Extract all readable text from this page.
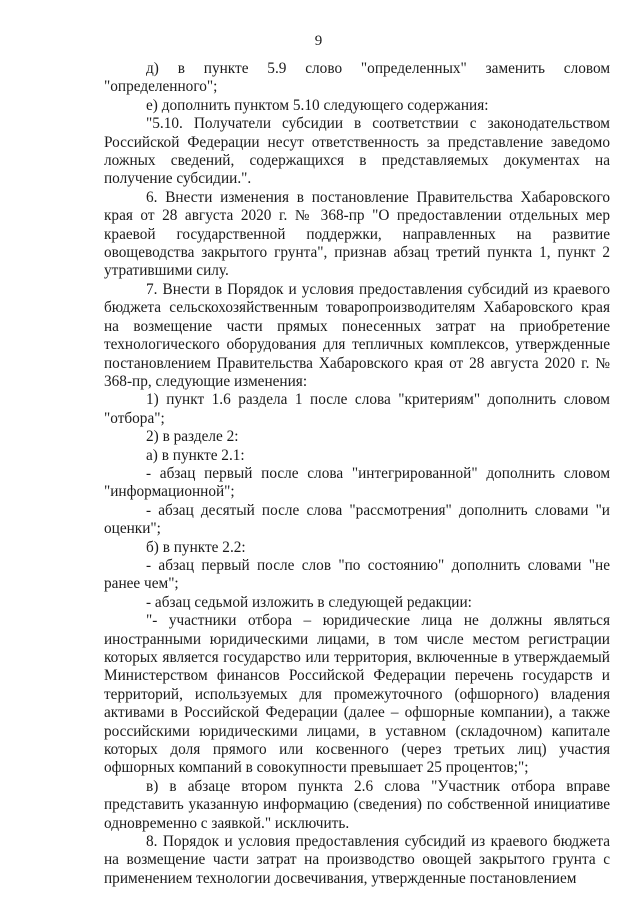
9

д) в пункте 5.9 слово "определенных" заменить словом "определенного";

е) дополнить пунктом 5.10 следующего содержания:

"5.10. Получатели субсидии в соответствии с законодательством Российской Федерации несут ответственность за представление заведомо ложных сведений, содержащихся в представляемых документах на получение субсидии.".

6. Внести изменения в постановление Правительства Хабаровского края от 28 августа 2020 г. № 368-пр "О предоставлении отдельных мер краевой государственной поддержки, направленных на развитие овощеводства закрытого грунта", признав абзац третий пункта 1, пункт 2 утратившими силу.

7. Внести в Порядок и условия предоставления субсидий из краевого бюджета сельскохозяйственным товаропроизводителям Хабаровского края на возмещение части прямых понесенных затрат на приобретение технологического оборудования для тепличных комплексов, утвержденные постановлением Правительства Хабаровского края от 28 августа 2020 г. № 368-пр, следующие изменения:

1) пункт 1.6 раздела 1 после слова "критериям" дополнить словом "отбора";

2) в разделе 2:

а) в пункте 2.1:

- абзац первый после слова "интегрированной" дополнить словом "информационной";

- абзац десятый после слова "рассмотрения" дополнить словами "и оценки";

б) в пункте 2.2:

- абзац первый после слов "по состоянию" дополнить словами "не ранее чем";

- абзац седьмой изложить в следующей редакции:

"- участники отбора – юридические лица не должны являться иностранными юридическими лицами, в том числе местом регистрации которых является государство или территория, включенные в утверждаемый Министерством финансов Российской Федерации перечень государств и территорий, используемых для промежуточного (офшорного) владения активами в Российской Федерации (далее – офшорные компании), а также российскими юридическими лицами, в уставном (складочном) капитале которых доля прямого или косвенного (через третьих лиц) участия офшорных компаний в совокупности превышает 25 процентов;";

в) в абзаце втором пункта 2.6 слова "Участник отбора вправе представить указанную информацию (сведения) по собственной инициативе одновременно с заявкой." исключить.

8. Порядок и условия предоставления субсидий из краевого бюджета на возмещение части затрат на производство овощей закрытого грунта с применением технологии досвечивания, утвержденные постановлением
